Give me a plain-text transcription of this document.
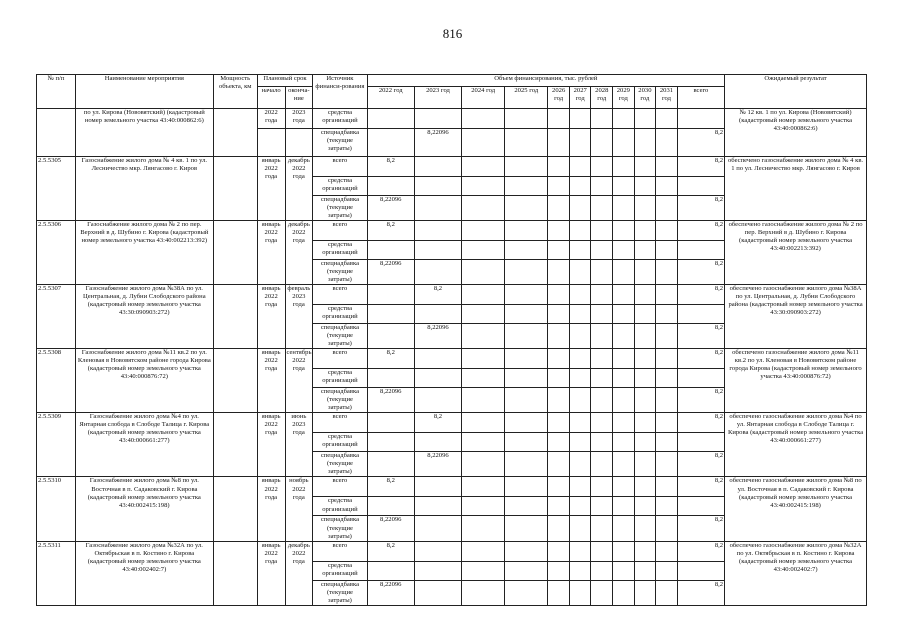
816
№ п/п	Наименование мероприятия	Мощность объекта, км	Плановый срок		Источник финанси-рования	Объем финансирования, тыс. рублей											Ожидаемый результат
			начало	оконча-ние		2022 год	2023 год	2024 год	2025 год	2026 год	2027 год	2028 год	2029 год	2030 год	2031 год	всего	
	по ул. Кирова (Нововятский) (кадастровый номер земельного участка 43:40:000862:6)		2022 года	2023 года	средства организаций												№ 12 кв. 1 по ул. Кирова (Нововятский) (кадастровый номер земельного участка 43:40:000862:6)
					спецнадбавка (текущие затраты)		8,22096									8,2	
2.5.5305	Газоснабжение жилого дома № 4 кв. 1 по ул. Лесничество мкр. Лянгасово г. Киров		январь 2022 года	декабрь 2022 года	всего	8,2										8,2	обеспечено газоснабжение жилого дома № 4 кв. 1 по ул. Лесничество мкр. Лянгасово г. Киров
					средства организаций												
					спецнадбавка (текущие затраты)	8,22096										8,2	
2.5.5306	Газоснабжение жилого дома № 2 по пер. Верхний в д. Шубино г. Кирова (кадастровый номер земельного участка 43:40:002213:392)		январь 2022 года	декабрь 2022 года	всего	8,2										8,2	обеспечено газоснабжение жилого дома № 2 по пер. Верхний в д. Шубино г. Кирова (кадастровый номер земельного участка 43:40:002213:392)
					средства организаций												
					спецнадбавка (текущие затраты)	8,22096										8,2	
2.5.5307	Газоснабжение жилого дома №38А по ул. Центральная, д. Лубни Слободского района (кадастровый номер земельного участка 43:30:090903:272)		январь 2022 года	февраль 2023 года	всего		8,2									8,2	обеспечено газоснабжение жилого дома №38А по ул. Центральная, д. Лубни Слободского района (кадастровый номер земельного участка 43:30:090903:272)
					средства организаций												
					спецнадбавка (текущие затраты)		8,22096									8,2	
2.5.5308	Газоснабжение жилого дома №11 кв.2 по ул. Кленовая в Нововятском районе города Кирова (кадастровый номер земельного участка 43:40:000876:72)		январь 2022 года	сентябрь 2022 года	всего	8,2										8,2	обеспечено газоснабжение жилого дома №11 кв.2 по ул. Кленовая в Нововятском районе города Кирова (кадастровый номер земельного участка 43:40:000876:72)
					средства организаций												
					спецнадбавка (текущие затраты)	8,22096										8,2	
2.5.5309	Газоснабжение жилого дома №4 по ул. Янтарная слобода в Слободе Талица г. Кирова (кадастровый номер земельного участка 43:40:000661:277)		январь 2022 года	июнь 2023 года	всего		8,2									8,2	обеспечено газоснабжение жилого дома №4 по ул. Янтарная слобода в Слободе Талица г. Кирова (кадастровый номер земельного участка 43:40:000661:277)
					средства организаций												
					спецнадбавка (текущие затраты)		8,22096									8,2	
2.5.5310	Газоснабжение жилого дома №8 по ул. Восточная в п. Садаковский г. Кирова (кадастровый номер земельного участка 43:40:002415:198)		январь 2022 года	ноябрь 2022 года	всего	8,2										8,2	обеспечено газоснабжение жилого дома №8 по ул. Восточная в п. Садаковский г. Кирова (кадастровый номер земельного участка 43:40:002415:198)
					средства организаций												
					спецнадбавка (текущие затраты)	8,22096										8,2	
2.5.5311	Газоснабжение жилого дома №32А по ул. Октябрьская в п. Костино г. Кирова (кадастровый номер земельного участка 43:40:002402:7)		январь 2022 года	декабрь 2022 года	всего	8,2										8,2	обеспечено газоснабжение жилого дома №32А по ул. Октябрьская в п. Костино г. Кирова (кадастровый номер земельного участка 43:40:002402:7)
					средства организаций												
					спецнадбавка (текущие затраты)	8,22096										8,2	
